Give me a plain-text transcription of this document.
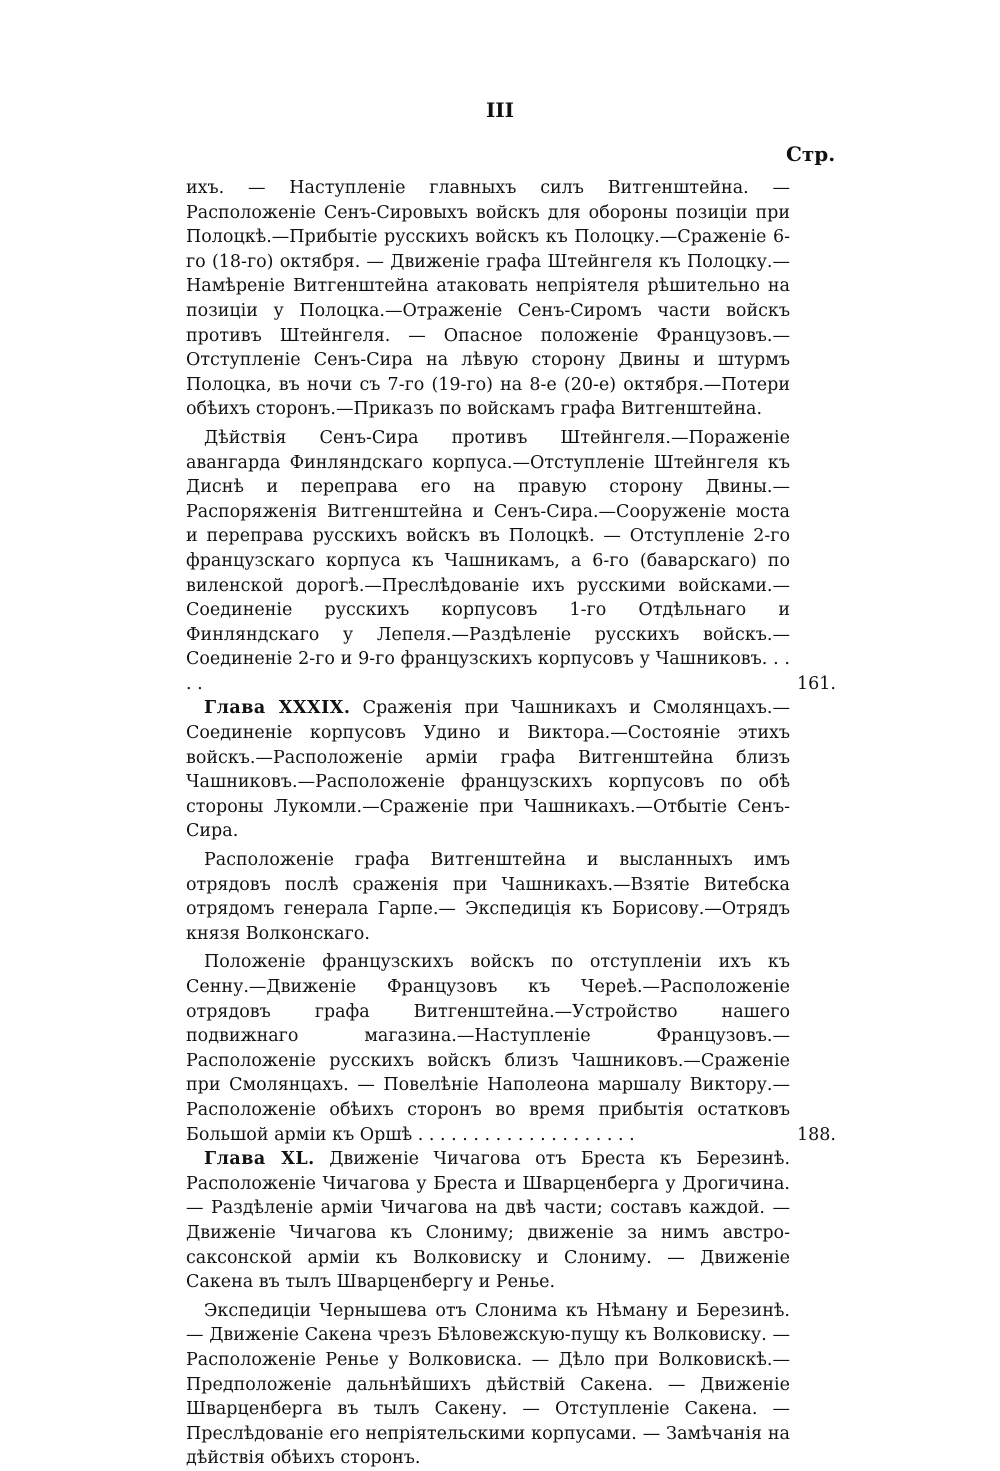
III
Стр.

ихъ. — Наступленіе главныхъ силъ Витгенштейна. — Расположеніе Сенъ-Сировыхъ войскъ для обороны позиціи при Полоцкѣ.—Прибытіе русскихъ войскъ къ Полоцку.—Сраженіе 6-го (18-го) октября. — Движеніе графа Штейнгеля къ Полоцку.—Намѣреніе Витгенштейна атаковать непріятеля рѣшительно на позиціи у Полоцка.—Отраженіе Сенъ-Сиромъ части войскъ противъ Штейнгеля. — Опасное положеніе Французовъ.—Отступленіе Сенъ-Сира на лѣвую сторону Двины и штурмъ Полоцка, въ ночи съ 7-го (19-го) на 8-е (20-е) октября.—Потери обѣихъ сторонъ.—Приказъ по войскамъ графа Витгенштейна.

Дѣйствія Сенъ-Сира противъ Штейнгеля.—Пораженіе авангарда Финляндскаго корпуса.—Отступленіе Штейнгеля къ Диснѣ и переправа его на правую сторону Двины.—Распоряженія Витгенштейна и Сенъ-Сира.—Сооруженіе моста и переправа русскихъ войскъ въ Полоцкѣ. — Отступленіе 2-го французскаго корпуса къ Чашникамъ, а 6-го (баварскаго) по виленской дорогѣ.—Преслѣдованіе ихъ русскими войсками.—Соединеніе русскихъ корпусовъ 1-го Отдѣльнаго и Финляндскаго у Лепеля.—Раздѣленіе русскихъ войскъ.—Соединеніе 2-го и 9-го французскихъ корпусовъ у Чашниковъ. . . . .	161.

Глава XXXIX. Сраженія при Чашникахъ и Смолянцахъ.—Соединеніе корпусовъ Удино и Виктора.—Состояніе этихъ войскъ.—Расположеніе арміи графа Витгенштейна близъ Чашниковъ.—Расположеніе французскихъ корпусовъ по обѣ стороны Лукомли.—Сраженіе при Чашникахъ.—Отбытіе Сенъ-Сира.

Расположеніе графа Витгенштейна и высланныхъ имъ отрядовъ послѣ сраженія при Чашникахъ.—Взятіе Витебска отрядомъ генерала Гарпе.— Экспедиція къ Борисову.—Отрядъ князя Волконскаго.

Положеніе французскихъ войскъ по отступленіи ихъ къ Сенну.—Движеніе Французовъ къ Череѣ.—Расположеніе отрядовъ графа Витгенштейна.—Устройство нашего подвижнаго магазина.—Наступленіе Французовъ.—Расположеніе русскихъ войскъ близъ Чашниковъ.—Сраженіе при Смолянцахъ. — Повелѣніе Наполеона маршалу Виктору.—Расположеніе обѣихъ сторонъ во время прибытія остатковъ Большой арміи къ Оршѣ . . . . . . . . . . . . . . . . . . . .	188.

Глава XL. Движеніе Чичагова отъ Бреста къ Березинѣ. Расположеніе Чичагова у Бреста и Шварценберга у Дрогичина. — Раздѣленіе арміи Чичагова на двѣ части; составъ каждой. — Движеніе Чичагова къ Слониму; движеніе за нимъ австро-саксонской арміи къ Волковиску и Слониму. — Движеніе Сакена въ тылъ Шварценбергу и Ренье.

Экспедиціи Чернышева отъ Слонима къ Нѣману и Березинѣ. — Движеніе Сакена чрезъ Бѣловежскую-пущу къ Волковиску. — Расположеніе Ренье у Волковиска. — Дѣло при Волковискѣ.—Предположеніе дальнѣйшихъ дѣйствій Сакена. — Движеніе Шварценберга въ тылъ Сакену. — Отступленіе Сакена. — Преслѣдованіе его непріятельскими корпусами. — Замѣчанія на дѣйствія обѣихъ сторонъ.
